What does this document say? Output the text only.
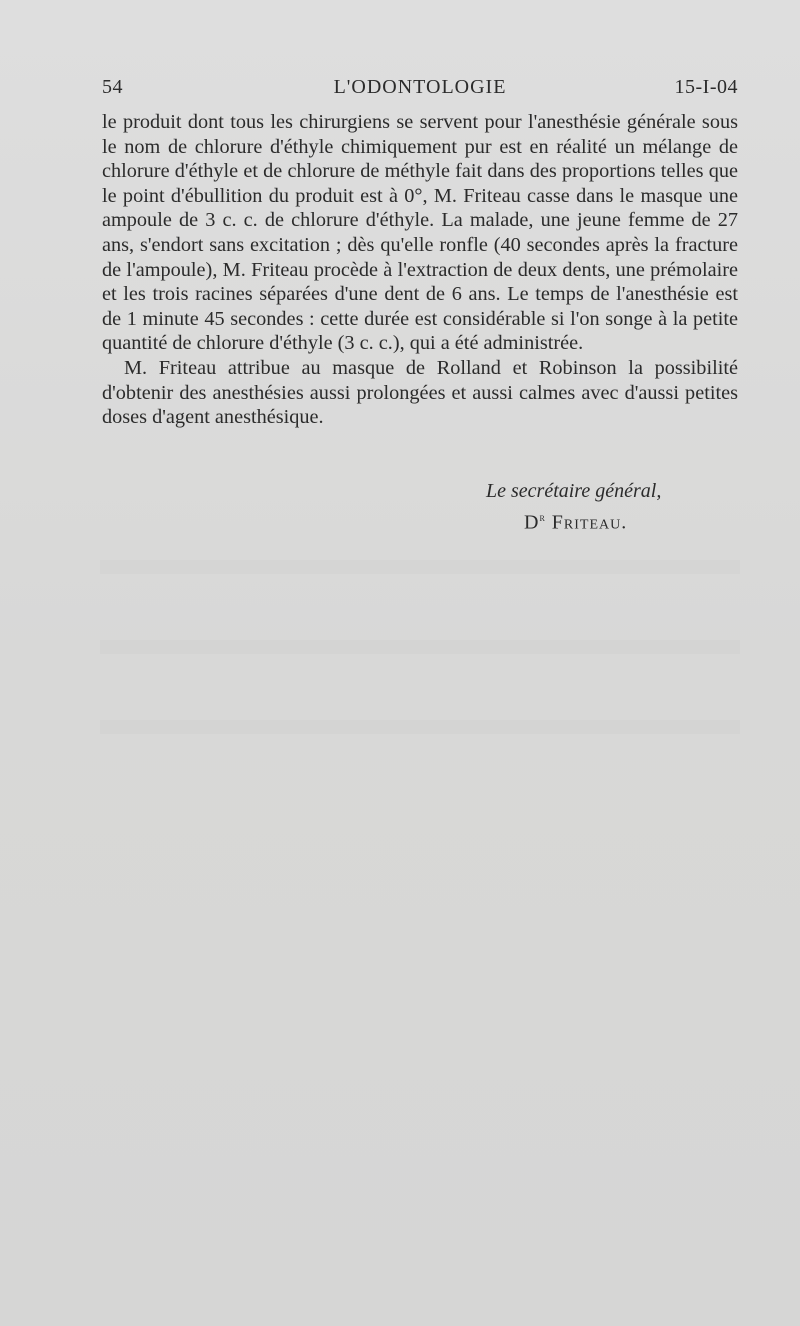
54	L'ODONTOLOGIE	15-I-04

le produit dont tous les chirurgiens se servent pour l'anesthésie générale sous le nom de chlorure d'éthyle chimiquement pur est en réalité un mélange de chlorure d'éthyle et de chlorure de méthyle fait dans des proportions telles que le point d'ébullition du produit est à 0°, M. Friteau casse dans le masque une ampoule de 3 c. c. de chlorure d'éthyle. La malade, une jeune femme de 27 ans, s'endort sans excitation ; dès qu'elle ronfle (40 secondes après la fracture de l'ampoule), M. Friteau procède à l'extraction de deux dents, une prémolaire et les trois racines séparées d'une dent de 6 ans. Le temps de l'anesthésie est de 1 minute 45 secondes : cette durée est considérable si l'on songe à la petite quantité de chlorure d'éthyle (3 c. c.), qui a été administrée.

M. Friteau attribue au masque de Rolland et Robinson la possibilité d'obtenir des anesthésies aussi prolongées et aussi calmes avec d'aussi petites doses d'agent anesthésique.

Le secrétaire général,
$D^r$ Friteau.
